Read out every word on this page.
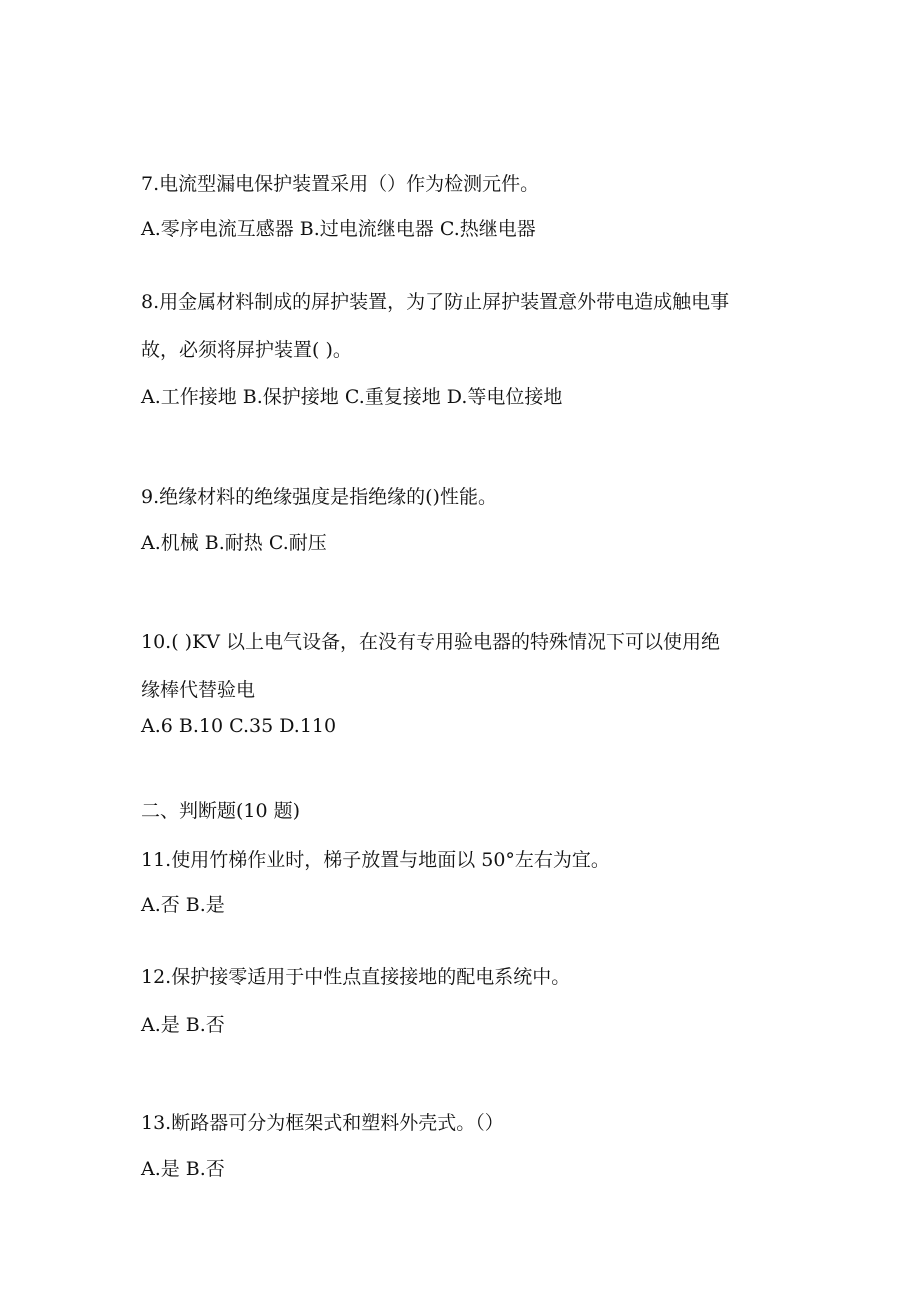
7.电流型漏电保护装置采用（）作为检测元件。
A.零序电流互感器 B.过电流继电器 C.热继电器
8.用金属材料制成的屏护装置，为了防止屏护装置意外带电造成触电事
故，必须将屏护装置( )。
A.工作接地 B.保护接地 C.重复接地 D.等电位接地
9.绝缘材料的绝缘强度是指绝缘的()性能。
A.机械 B.耐热 C.耐压
10.( )KV 以上电气设备，在没有专用验电器的特殊情况下可以使用绝
缘棒代替验电
A.6 B.10 C.35 D.110
二、判断题(10 题)
11.使用竹梯作业时，梯子放置与地面以 50°左右为宜。
A.否 B.是
12.保护接零适用于中性点直接接地的配电系统中。
A.是 B.否
13.断路器可分为框架式和塑料外壳式。（）
A.是 B.否
